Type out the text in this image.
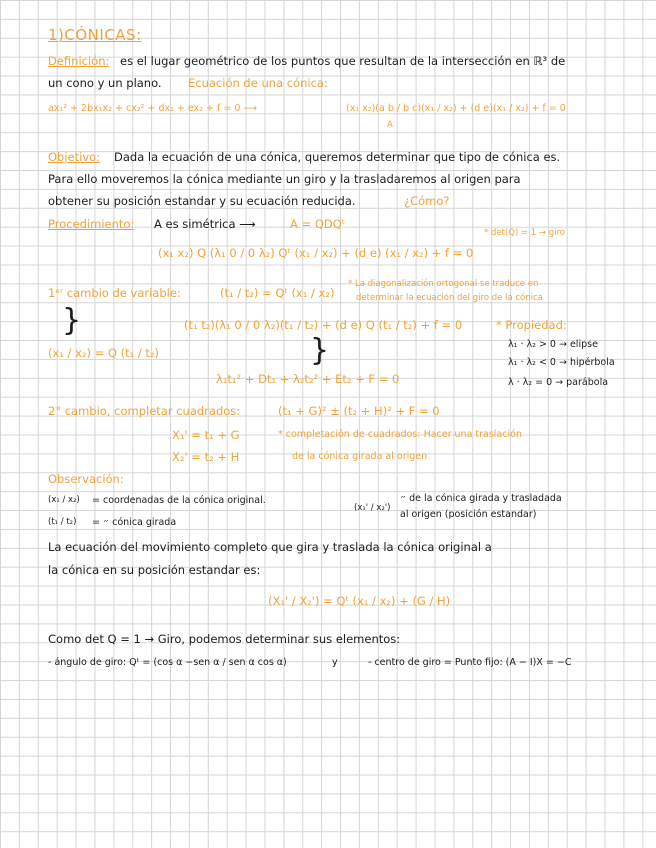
1)CÓNICAS:
Definición: es el lugar geométrico de los puntos que resultan de la intersección en ℝ³ de
un cono y un plano. Ecuación de una cónica:
ax₁² + 2bx₁x₂ + cx₂² + dx₁ + ex₂ + f = 0 ⟶	(x₁ x₂)(a b / b c)(x₁ / x₂) + (d e)(x₁ / x₂) + f = 0
A
Objetivo: Dada la ecuación de una cónica, queremos determinar que tipo de cónica es.
Para ello moveremos la cónica mediante un giro y la trasladaremos al origen para
obtener su posición estandar y su ecuación reducida.	¿Cómo?
Procedimiento: A es simétrica ⟶	A = QDQᵗ
* det(Q) = 1 → giro
(x₁ x₂) Q (λ₁ 0 / 0 λ₂) Qᵗ (x₁ / x₂) + (d e) (x₁ / x₂) + f = 0
1ᵉʳ cambio de variable:	(t₁ / t₂) = Qᵗ (x₁ / x₂)
* La diagonalización ortogonal se traduce en
determinar la ecuación del giro de la cónica
}	(t₁ t₂)(λ₁ 0 / 0 λ₂)(t₁ / t₂) + (d e) Q (t₁ / t₂) + f = 0
}
(x₁ / x₂) = Q (t₁ / t₂)
λ₁t₁² + Dt₁ + λ₂t₂² + Et₂ + F = 0
* Propiedad:
λ₁ · λ₂ > 0 → elipse
λ₁ · λ₂ < 0 → hipérbola
λ · λ₂ = 0 → parábola
2° cambio, completar cuadrados:	(t₁ + G)² ± (t₂ + H)² + F = 0
X₁' = t₁ + G
X₂' = t₂ + H
* completación de cuadrados: Hacer una traslación
de la cónica girada al origen
Observación:
(x₁ / x₂) = coordenadas de la cónica original.
(t₁ / t₂) = ״ cónica girada
(x₁' / x₂')
״ de la cónica girada y trasladada
al origen (posición estandar)
La ecuación del movimiento completo que gira y traslada la cónica original a
la cónica en su posición estandar es:
(X₁' / X₂') = Qᵗ (x₁ / x₂) + (G / H)
Como det Q = 1 → Giro, podemos determinar sus elementos:
- ángulo de giro: Qᵗ = (cos α −sen α / sen α cos α)	y	- centro de giro = Punto fijo: (A − I)X = −C
